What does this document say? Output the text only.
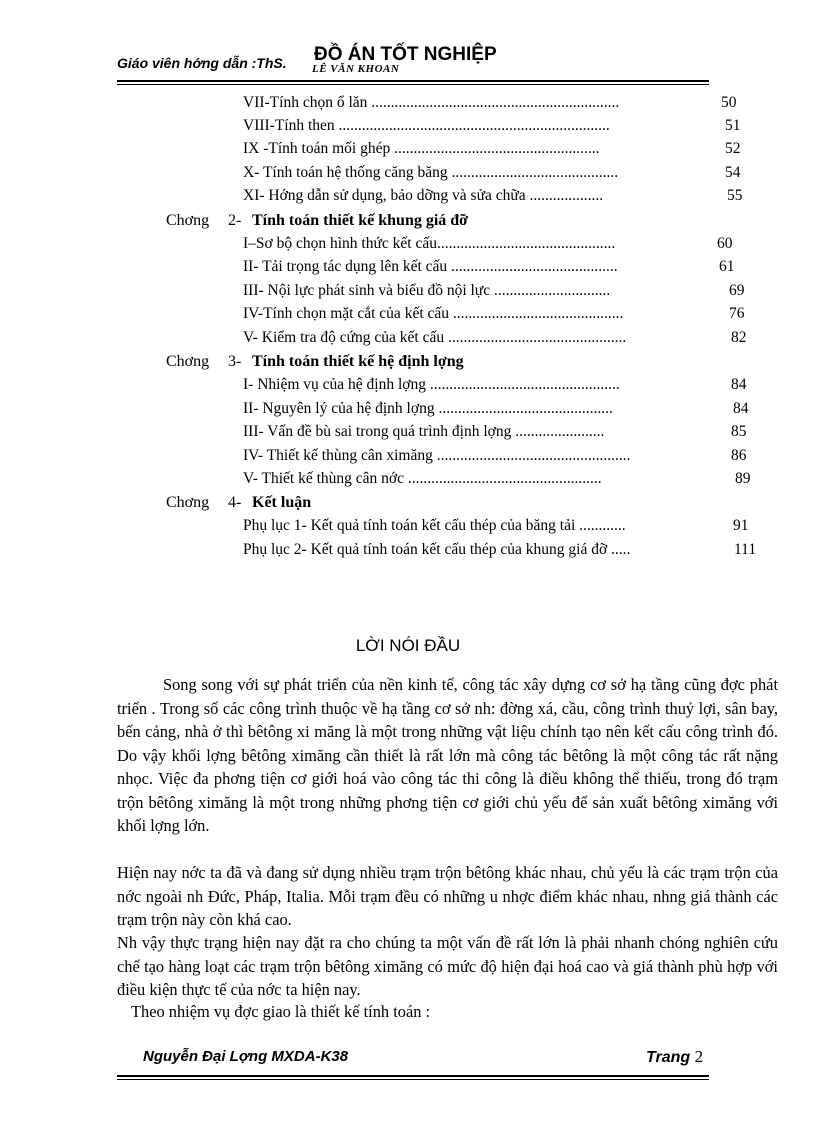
Giáo viên hớng dẫn :ThS. ĐỒ ÁN TỐT NGHIỆP
LÊ VĂN KHOAN
VII-Tính chọn ổ lăn ................................................................	50
VIII-Tính then ......................................................................	51
IX -Tính toán mối ghép .....................................................	52
X- Tính toán hệ thống căng băng ...........................................	54
XI- Hớng dẫn sử dụng, bảo dỡng và sửa chữa ...................	55
Chơng 2- Tính toán thiết kế khung giá đỡ
I–Sơ bộ chọn hình thức kết cấu..............................................	60
II- Tải trọng tác dụng lên kết cấu ...........................................	61
III- Nội lực phát sinh và biểu đồ nội lực ..............................	69
IV-Tính chọn mặt cắt của kết cấu ............................................	76
V- Kiểm tra độ cứng của kết cấu ..............................................	82
Chơng 3- Tính toán thiết kế hệ định lợng
I- Nhiệm vụ của hệ định lợng .................................................	84
II- Nguyên lý của hệ định lợng .............................................	84
III- Vấn đề bù sai trong quá trình định lợng .......................	85
IV- Thiết kế thùng cân ximăng ..................................................	86
V- Thiết kế thùng cân nớc ..................................................	89
Chơng 4- Kết luận
Phụ lục 1- Kết quả tính toán kết cấu thép của băng tải ............	91
Phụ lục 2- Kết quả tính toán kết cấu thép của khung giá đỡ .....	111
LỜI NÓI ĐẦU
Song song với sự phát triển của nền kinh tế, công tác xây dựng cơ sở hạ tầng cũng đợc phát triển . Trong số các công trình thuộc về hạ tầng cơ sở nh: đờng xá, cầu, công trình thuỷ lợi, sân bay, bến cảng, nhà ở thì bêtông xi măng là một trong những vật liệu chính tạo nên kết cấu công trình đó. Do vậy khối lợng bêtông ximăng cần thiết là rất lớn mà công tác bêtông là một công tác rất nặng nhọc. Việc đa phơng tiện cơ giới hoá vào công tác thi công là điều không thể thiếu, trong đó trạm trộn bêtông ximăng là một trong những phơng tiện cơ giới chủ yếu để sản xuất bêtông ximăng với khối lợng lớn.
Hiện nay nớc ta đã và đang sử dụng nhiều trạm trộn bêtông khác nhau, chủ yếu là các trạm trộn của nớc ngoài nh Đức, Pháp, Italia. Mỗi trạm đều có những u nhợc điểm khác nhau, nhng giá thành các trạm trộn này còn khá cao.
Nh vậy thực trạng hiện nay đặt ra cho chúng ta một vấn đề rất lớn là phải nhanh chóng nghiên cứu chế tạo hàng loạt các trạm trộn bêtông ximăng có mức độ hiện đại hoá cao và giá thành phù hợp với điều kiện thực tế của nớc ta hiện nay.
Theo nhiệm vụ đợc giao là thiết kế tính toán :
Nguyễn Đại Lợng MXDA-K38	Trang 2
